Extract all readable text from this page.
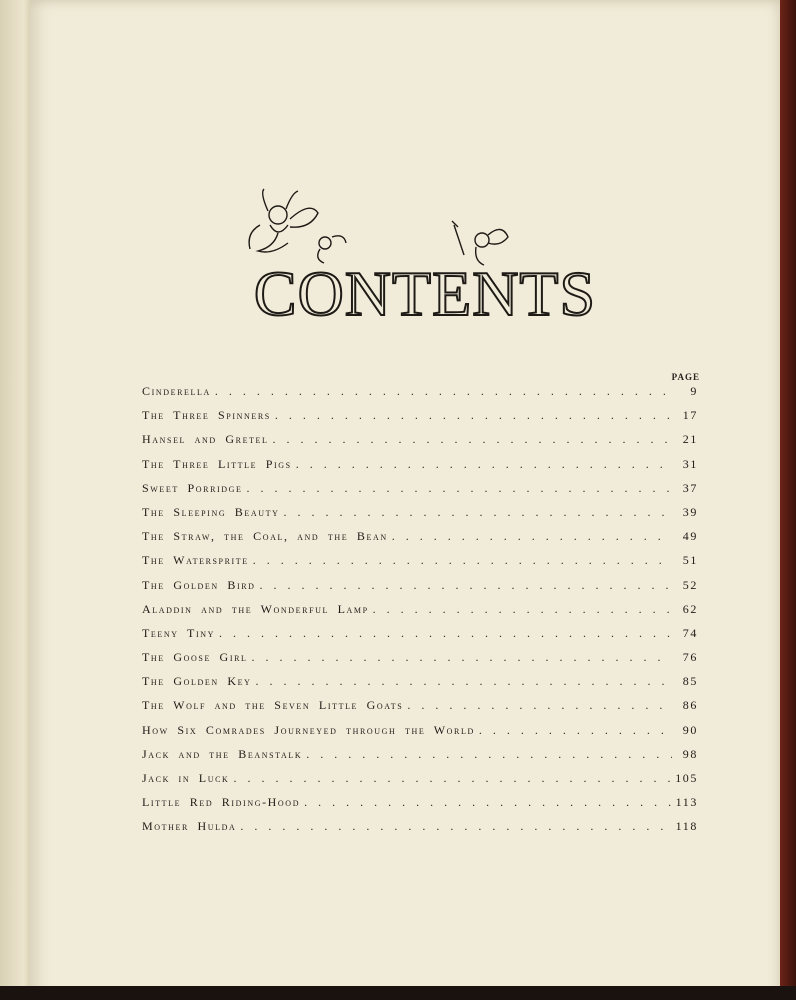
CONTENTS
PAGE
Cinderella . . .	9
The Three Spinners . . .	17
Hansel and Gretel . . .	21
The Three Little Pigs . . .	31
Sweet Porridge . . .	37
The Sleeping Beauty . . .	39
The Straw, the Coal, and the Bean . . .	49
The Watersprite . . .	51
The Golden Bird . . .	52
Aladdin and the Wonderful Lamp . . .	62
Teeny Tiny . . .	74
The Goose Girl . . .	76
The Golden Key . . .	85
The Wolf and the Seven Little Goats . . .	86
How Six Comrades Journeyed through the World . . .	90
Jack and the Beanstalk . . .	98
Jack in Luck . . .	105
Little Red Riding-Hood . . .	113
Mother Hulda . . .	118
